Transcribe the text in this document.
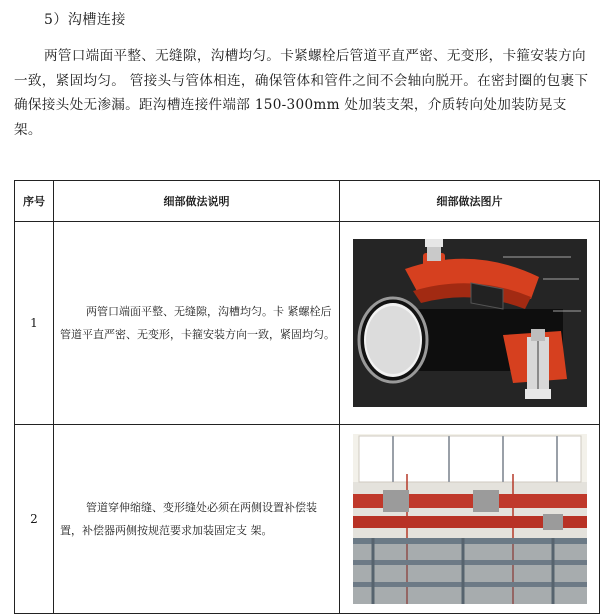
5）沟槽连接
两管口端面平整、无缝隙，沟槽均匀。卡紧螺栓后管道平直严密、无变形，卡箍安装方向一致，紧固均匀。 管接头与管体相连，确保管体和管件之间不会轴向脱开。在密封圈的包裹下确保接头处无渗漏。距沟槽连接件端部 150-300mm 处加装支架，介质转向处加装防晃支架。
序号	细部做法说明	细部做法图片
1	两管口端面平整、无缝隙，沟槽均匀。卡 紧螺栓后管道平直严密、无变形，卡箍安装方向一致，紧固均匀。

2	管道穿伸缩缝、变形缝处必须在两侧设置补偿装置，补偿器两侧按规范要求加装固定支 架。
